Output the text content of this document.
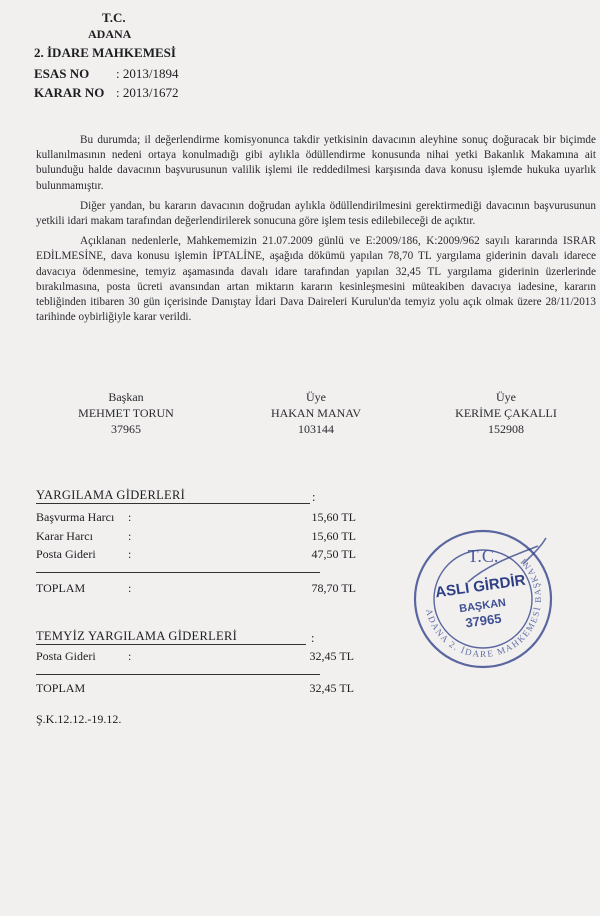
T.C.
ADANA
2. İDARE MAHKEMESİ
ESAS NO : 2013/1894
KARAR NO : 2013/1672

Bu durumda; il değerlendirme komisyonunca takdir yetkisinin davacının aleyhine sonuç doğuracak bir biçimde kullanılmasının nedeni ortaya konulmadığı gibi aylıkla ödüllendirme konusunda nihai yetki Bakanlık Makamına ait bulunduğu halde davacının başvurusunun valilik işlemi ile reddedilmesi karşısında dava konusu işlemde hukuka uyarlık bulunmamıştır.

Diğer yandan, bu kararın davacının doğrudan aylıkla ödüllendirilmesini gerektirmediği davacının başvurusunun yetkili idari makam tarafından değerlendirilerek sonucuna göre işlem tesis edilebileceği de açıktır.

Açıklanan nedenlerle, Mahkememizin 21.07.2009 günlü ve E:2009/186, K:2009/962 sayılı kararında ISRAR EDİLMESİNE, dava konusu işlemin İPTALİNE, aşağıda dökümü yapılan 78,70 TL yargılama giderinin davalı idarece davacıya ödenmesine, temyiz aşamasında davalı idare tarafından yapılan 32,45 TL yargılama giderinin üzerlerinde bırakılmasına, posta ücreti avansından artan miktarın kararın kesinleşmesini müteakiben davacıya iadesine, kararın tebliğinden itibaren 30 gün içerisinde Danıştay İdari Dava Daireleri Kurulun'da temyiz yolu açık olmak üzere 28/11/2013 tarihinde oybirliğiyle karar verildi.

Başkan
MEHMET TORUN
37965
Üye
HAKAN MANAV
103144
Üye
KERİME ÇAKALLI
152908
YARGILAMA GİDERLERİ	:
Başvurma Harcı :	15,60 TL
Karar Harcı	:	15,60 TL
Posta Gideri	:	47,50 TL
TOPLAM	:	78,70 TL
TEMYİZ YARGILAMA GİDERLERİ	:
Posta Gideri	:	32,45 TL
TOPLAM	32,45 TL
Ş.K.12.12.-19.12.
ADANA 2. İDARE MAHKEMESİ BAŞKANI
T.C.
ASLI GİRDİR
BAŞKAN
37965
